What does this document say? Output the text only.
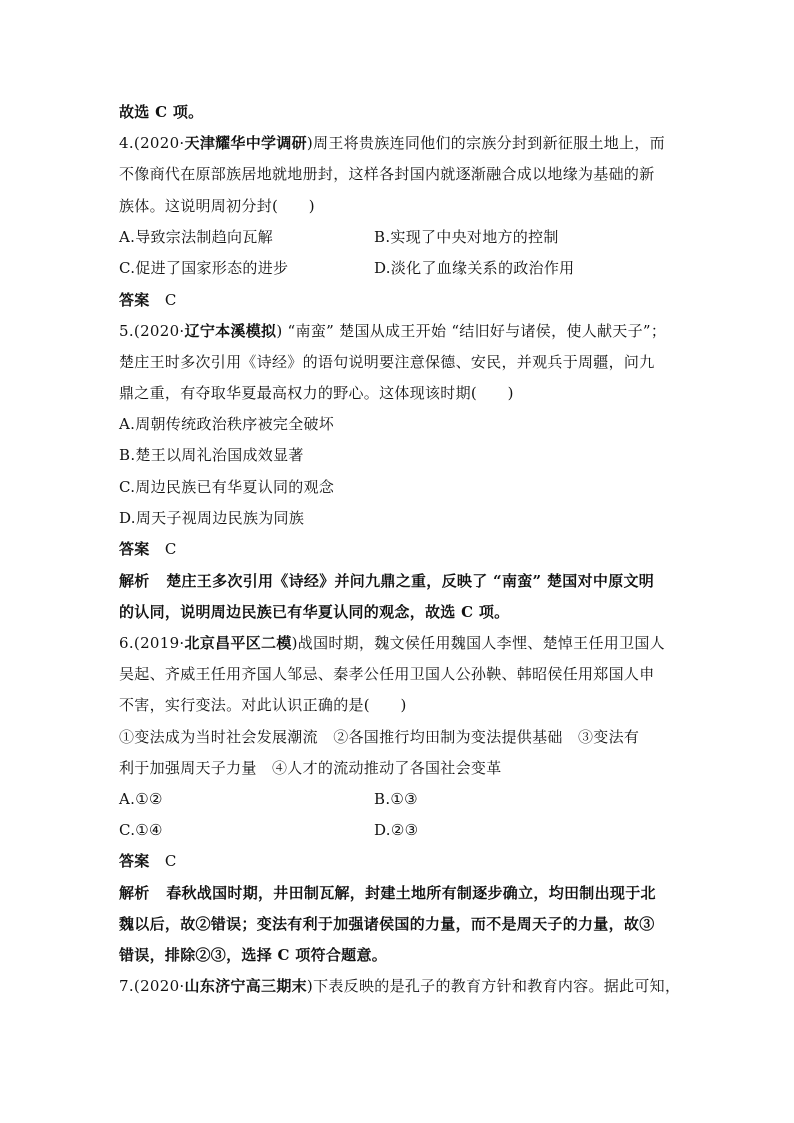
故选 C 项。
4.(2020·天津耀华中学调研)周王将贵族连同他们的宗族分封到新征服土地上，而
不像商代在原部族居地就地册封，这样各封国内就逐渐融合成以地缘为基础的新
族体。这说明周初分封(　　)
A.导致宗法制趋向瓦解	B.实现了中央对地方的控制
C.促进了国家形态的进步	D.淡化了血缘关系的政治作用
答案 C
5.(2020·辽宁本溪模拟) “南蛮” 楚国从成王开始 “结旧好与诸侯，使人献天子”；
楚庄王时多次引用《诗经》的语句说明要注意保德、安民，并观兵于周疆，问九
鼎之重，有夺取华夏最高权力的野心。这体现该时期(　　)
A.周朝传统政治秩序被完全破坏
B.楚王以周礼治国成效显著
C.周边民族已有华夏认同的观念
D.周天子视周边民族为同族
答案 C
解析 楚庄王多次引用《诗经》并问九鼎之重，反映了 “南蛮” 楚国对中原文明
的认同，说明周边民族已有华夏认同的观念，故选 C 项。
6.(2019·北京昌平区二模)战国时期，魏文侯任用魏国人李悝、楚悼王任用卫国人
吴起、齐威王任用齐国人邹忌、秦孝公任用卫国人公孙鞅、韩昭侯任用郑国人申
不害，实行变法。对此认识正确的是(　　)
①变法成为当时社会发展潮流　②各国推行均田制为变法提供基础　③变法有
利于加强周天子力量　④人才的流动推动了各国社会变革
A.①②	B.①③
C.①④	D.②③
答案 C
解析 春秋战国时期，井田制瓦解，封建土地所有制逐步确立，均田制出现于北
魏以后，故②错误；变法有利于加强诸侯国的力量，而不是周天子的力量，故③
错误，排除②③，选择 C 项符合题意。
7.(2020·山东济宁高三期末)下表反映的是孔子的教育方针和教育内容。据此可知，
